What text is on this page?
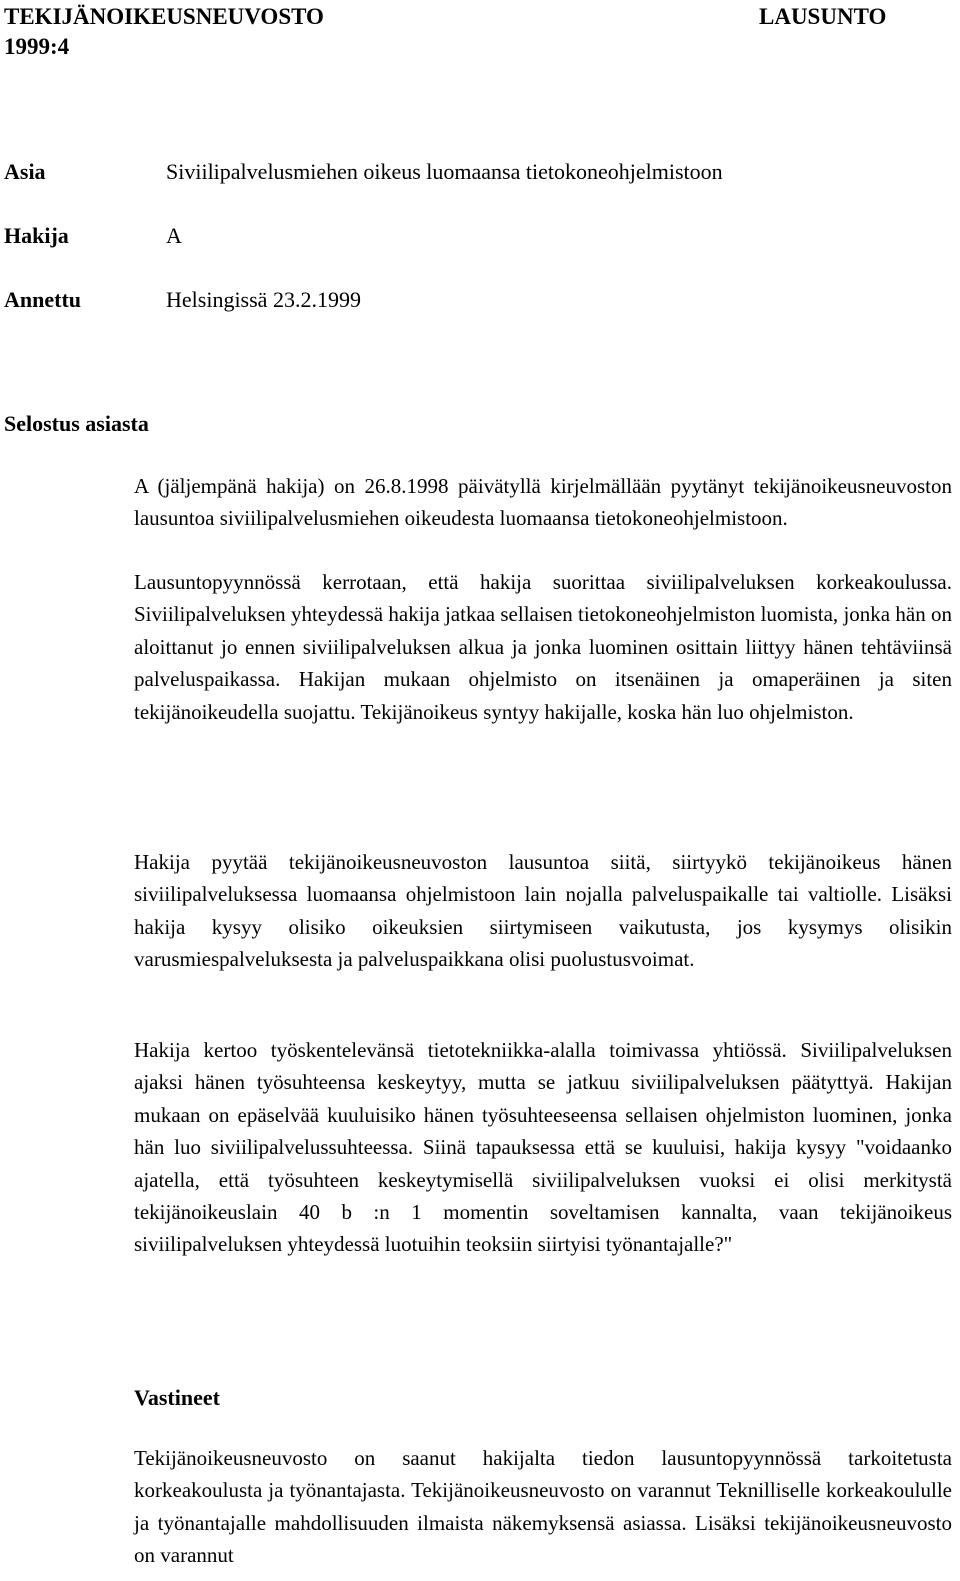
TEKIJÄNOIKEUSNEUVOSTO
1999:4
LAUSUNTO
Asia	Siviilipalvelusmiehen oikeus luomaansa tietokoneohjelmistoon
Hakija	A
Annettu	Helsingissä 23.2.1999
Selostus asiasta

A (jäljempänä hakija) on 26.8.1998 päivätyllä kirjelmällään pyytänyt tekijänoikeusneuvoston lausuntoa siviilipalvelusmiehen oikeudesta luomaansa tietokoneohjelmistoon.

Lausuntopyynnössä kerrotaan, että hakija suorittaa siviilipalveluksen korkeakoulussa. Siviilipalveluksen yhteydessä hakija jatkaa sellaisen tietokoneohjelmiston luomista, jonka hän on aloittanut jo ennen siviilipalveluksen alkua ja jonka luominen osittain liittyy hänen tehtäviinsä palveluspaikassa. Hakijan mukaan ohjelmisto on itsenäinen ja omaperäinen ja siten tekijänoikeudella suojattu. Tekijänoikeus syntyy hakijalle, koska hän luo ohjelmiston.

Hakija pyytää tekijänoikeusneuvoston lausuntoa siitä, siirtyykö tekijänoikeus hänen siviilipalveluksessa luomaansa ohjelmistoon lain nojalla palveluspaikalle tai valtiolle. Lisäksi hakija kysyy olisiko oikeuksien siirtymiseen vaikutusta, jos kysymys olisikin varusmiespalveluksesta ja palveluspaikkana olisi puolustusvoimat.

Hakija kertoo työskentelevänsä tietotekniikka-alalla toimivassa yhtiössä. Siviilipalveluksen ajaksi hänen työsuhteensa keskeytyy, mutta se jatkuu siviilipalveluksen päätyttyä. Hakijan mukaan on epäselvää kuuluisiko hänen työsuhteeseensa sellaisen ohjelmiston luominen, jonka hän luo siviilipalvelussuhteessa. Siinä tapauksessa että se kuuluisi, hakija kysyy "voidaanko ajatella, että työsuhteen keskeytymisellä siviilipalveluksen vuoksi ei olisi merkitystä tekijänoikeuslain 40 b :n 1 momentin soveltamisen kannalta, vaan tekijänoikeus siviilipalveluksen yhteydessä luotuihin teoksiin siirtyisi työnantajalle?"

Vastineet

Tekijänoikeusneuvosto on saanut hakijalta tiedon lausuntopyynnössä tarkoitetusta korkeakoulusta ja työnantajasta. Tekijänoikeusneuvosto on varannut Teknilliselle korkeakoululle ja työnantajalle mahdollisuuden ilmaista näkemyksensä asiassa. Lisäksi tekijänoikeusneuvosto on varannut
